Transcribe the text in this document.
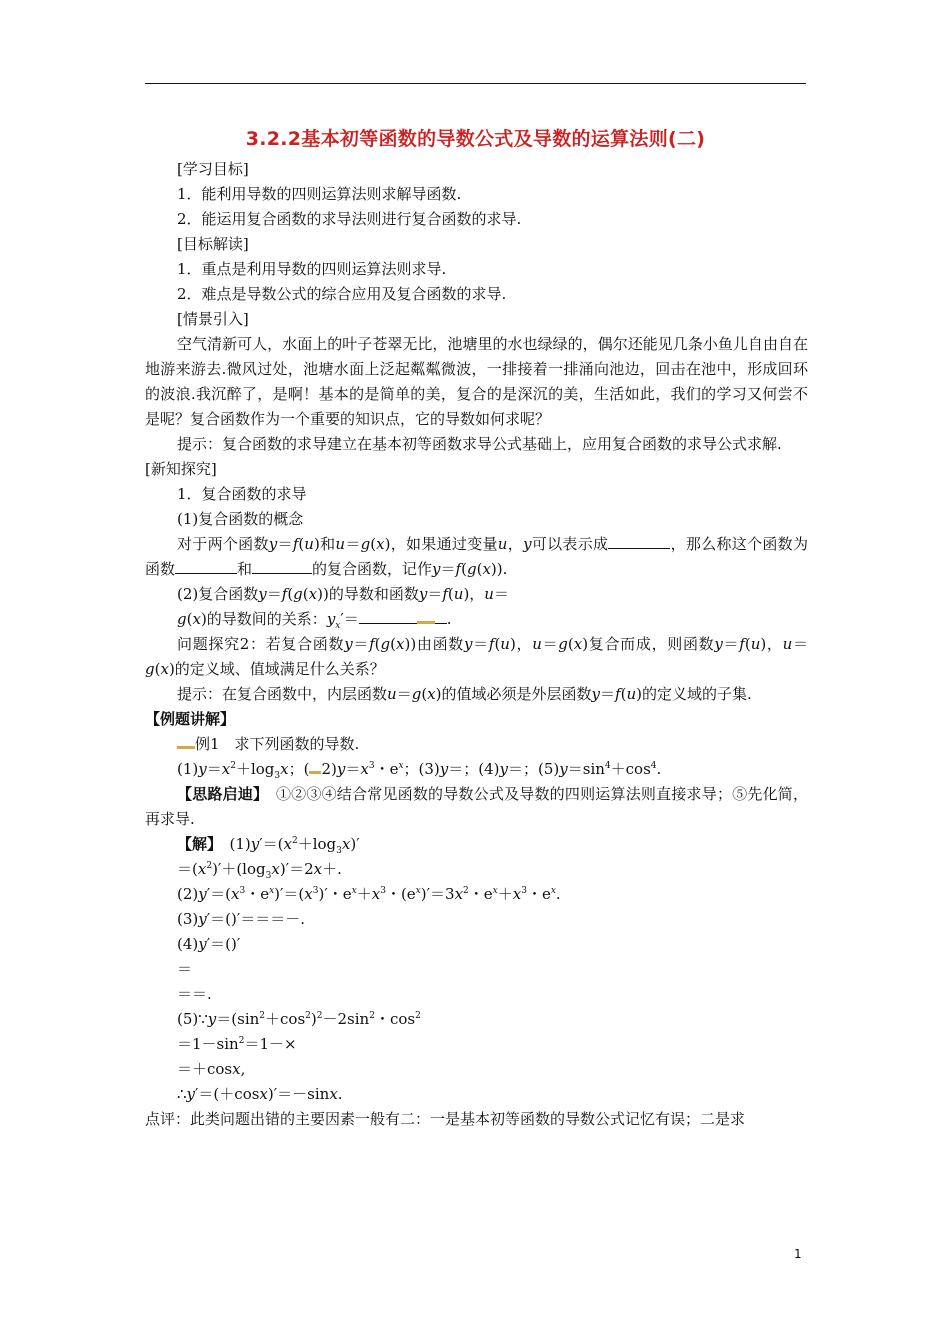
3.2.2基本初等函数的导数公式及导数的运算法则(二)

[学习目标]

1．能利用导数的四则运算法则求解导函数.

2．能运用复合函数的求导法则进行复合函数的求导.

[目标解读]

1．重点是利用导数的四则运算法则求导.

2．难点是导数公式的综合应用及复合函数的求导.

[情景引入]

空气清新可人，水面上的叶子苍翠无比，池塘里的水也绿绿的，偶尔还能见几条小鱼儿自由自在地游来游去.微风过处，池塘水面上泛起粼粼微波，一排接着一排涌向池边，回击在池中，形成回环的波浪.我沉醉了，是啊！基本的是简单的美，复合的是深沉的美，生活如此，我们的学习又何尝不是呢？复合函数作为一个重要的知识点，它的导数如何求呢？

提示：复合函数的求导建立在基本初等函数求导公式基础上，应用复合函数的求导公式求解.

[新知探究]

1．复合函数的求导

(1)复合函数的概念

对于两个函数y＝f(u)和u＝g(x)，如果通过变量u，y可以表示成	，那么称这个函数为函数	和	的复合函数，记作y＝f(g(x)).

(2)复合函数y＝f(g(x))的导数和函数y＝f(u)，u＝

g(x)的导数间的关系：$y_x'=$	.

问题探究2：若复合函数y＝f(g(x))由函数y＝f(u)，u＝g(x)复合而成，则函数y＝f(u)，u＝g(x)的定义域、值域满足什么关系？

提示：在复合函数中，内层函数u＝g(x)的值域必须是外层函数y＝f(u)的定义域的子集.

【例题讲解】

例1　求下列函数的导数.

$(1)y=x^2+\log_3x$；( $2)y=x^3$・$e^x$；(3)y＝；(4)y＝；$(5)y=\sin^4+\cos^4$.

【思路启迪】　 ①②③④结合常见函数的导数公式及导数的四则运算法则直接求导；⑤先化简，再求导.

【解】　$(1)y'=(x^2+\log_3x)'$

$=(x^2)'+(\log_3x)'=2x+$.

$(2)y'=(x^3$・$e^x)'=(x^3)'$・$e^x+x^3$・$(e^x)'=3x^2$・$e^x+x^3$・$e^x$.

(3)y′＝()′＝＝＝－.

(4)y′＝()′

＝

＝＝.

$(5)\because y=(\sin^2+\cos^2)^2-2\sin^2$・$\cos^2$

$=1-\sin^2=1-\times$

＝＋cosx,

∴y′＝(＋cosx)′＝－sinx.

点评：此类问题出错的主要因素一般有二：一是基本初等函数的导数公式记忆有误；二是求

1
